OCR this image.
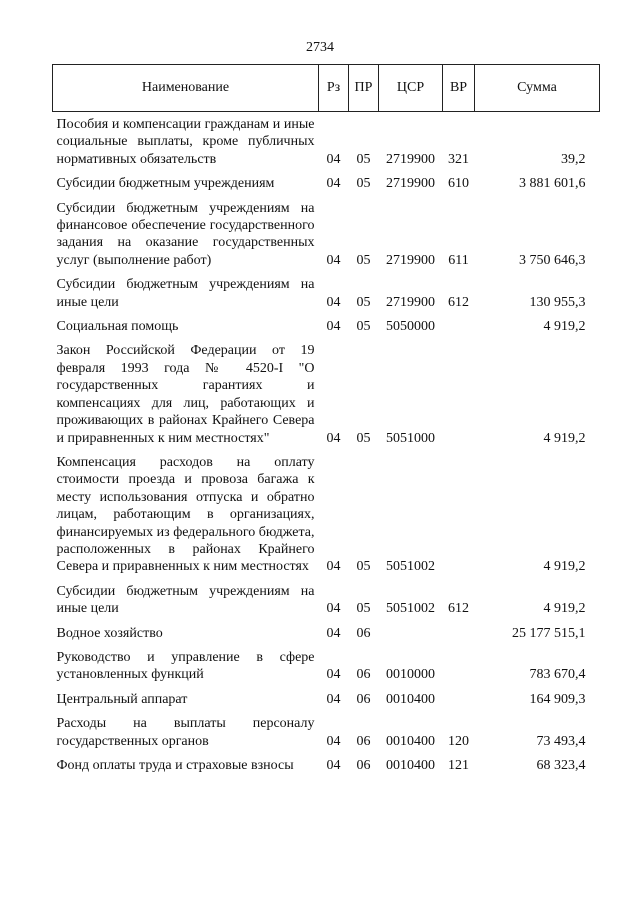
2734
Наименование	Рз	ПР	ЦСР	ВР	Сумма
Пособия и компенсации гражданам и иные социальные выплаты, кроме публичных нормативных обязательств	04	05	2719900	321	39,2
Субсидии бюджетным учреждениям	04	05	2719900	610	3 881 601,6
Субсидии бюджетным учреждениям на финансовое обеспечение государственного задания на оказание государственных услуг (выполнение работ)	04	05	2719900	611	3 750 646,3
Субсидии бюджетным учреждениям на иные цели	04	05	2719900	612	130 955,3
Социальная помощь	04	05	5050000		4 919,2
Закон Российской Федерации от 19 февраля 1993 года № 4520-I "О государственных гарантиях и компенсациях для лиц, работающих и проживающих в районах Крайнего Севера и приравненных к ним местностях"	04	05	5051000		4 919,2
Компенсация расходов на оплату стоимости проезда и провоза багажа к месту использования отпуска и обратно лицам, работающим в организациях, финансируемых из федерального бюджета, расположенных в районах Крайнего Севера и приравненных к ним местностях	04	05	5051002		4 919,2
Субсидии бюджетным учреждениям на иные цели	04	05	5051002	612	4 919,2
Водное хозяйство	04	06			25 177 515,1
Руководство и управление в сфере установленных функций	04	06	0010000		783 670,4
Центральный аппарат	04	06	0010400		164 909,3
Расходы на выплаты персоналу государственных органов	04	06	0010400	120	73 493,4
Фонд оплаты труда и страховые взносы	04	06	0010400	121	68 323,4
